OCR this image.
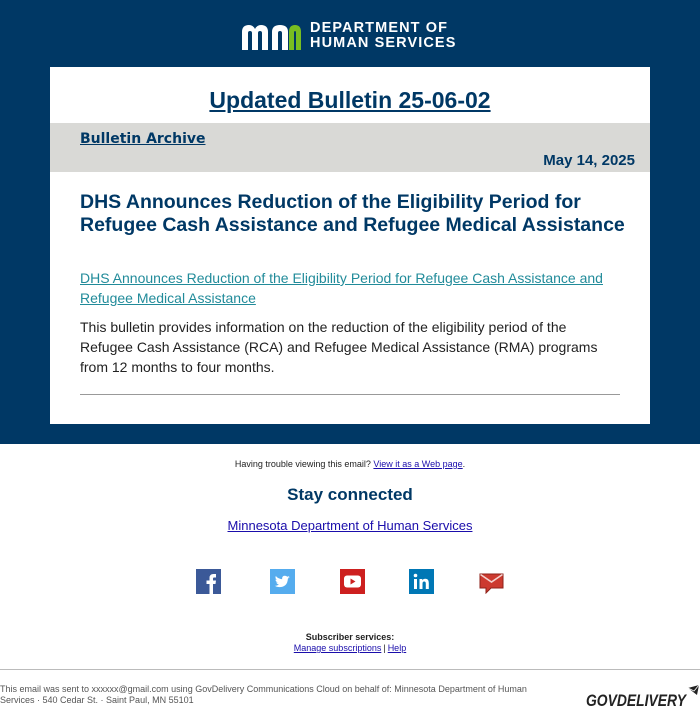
DEPARTMENT OF
HUMAN SERVICES
Updated Bulletin 25-06-02
Bulletin Archive
May 14, 2025
DHS Announces Reduction of the Eligibility Period for Refugee Cash Assistance and Refugee Medical Assistance
DHS Announces Reduction of the Eligibility Period for Refugee Cash Assistance and Refugee Medical Assistance
This bulletin provides information on the reduction of the eligibility period of the Refugee Cash Assistance (RCA) and Refugee Medical Assistance (RMA) programs from 12 months to four months.
Having trouble viewing this email? View it as a Web page.
Stay connected
Minnesota Department of Human Services
Subscriber services:
Manage subscriptions | Help
This email was sent to xxxxxx@gmail.com using GovDelivery Communications Cloud on behalf of: Minnesota Department of Human Services · 540 Cedar St. · Saint Paul, MN 55101	GOVDELIVERY
